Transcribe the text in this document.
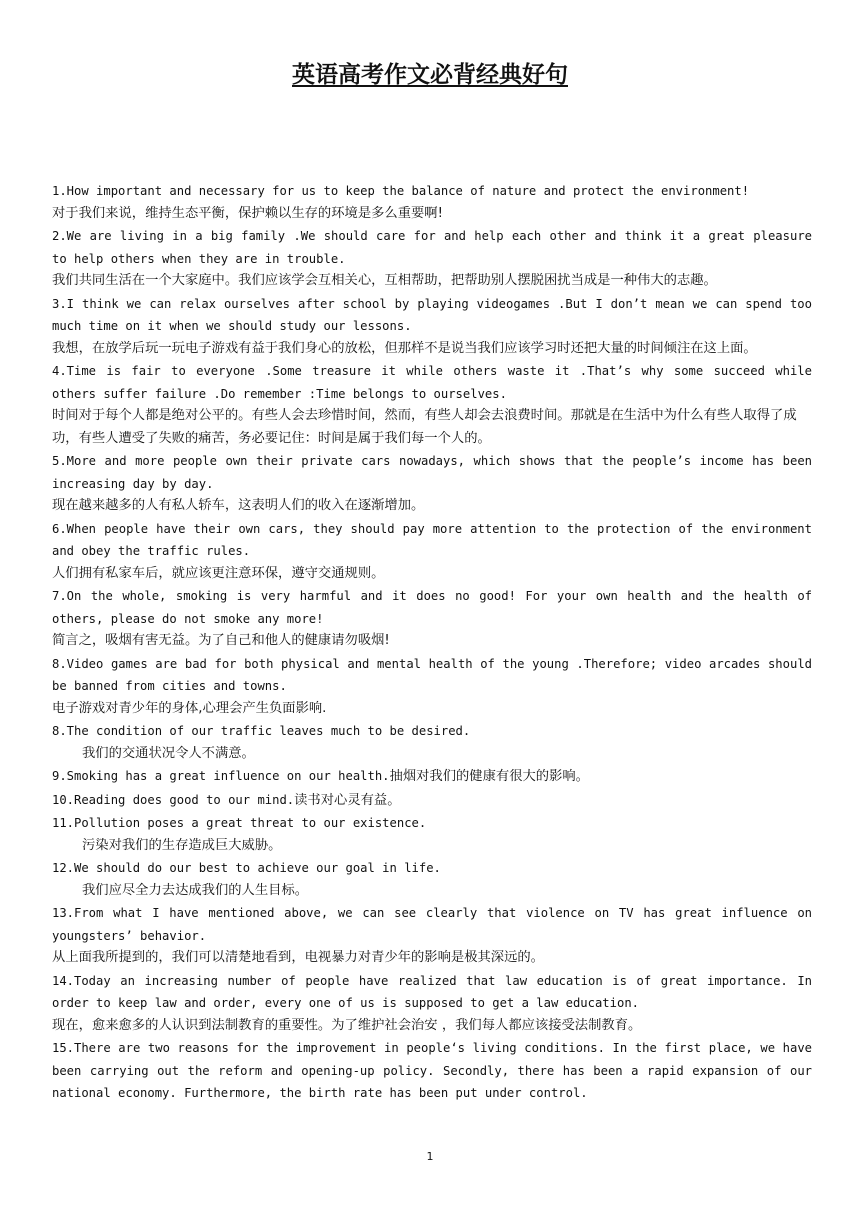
英语高考作文必背经典好句

1.How important and necessary for us to keep the balance of nature and protect the environment!

对于我们来说，维持生态平衡，保护赖以生存的环境是多么重要啊!

2.We are living in a big family .We should care for and help each other and think it a great pleasure to help others when they are in trouble.

我们共同生活在一个大家庭中。我们应该学会互相关心，互相帮助，把帮助别人摆脱困扰当成是一种伟大的志趣。

3.I think we can relax ourselves after school by playing videogames .But I don’t mean we can spend too much time on it when we should study our lessons.

我想，在放学后玩一玩电子游戏有益于我们身心的放松，但那样不是说当我们应该学习时还把大量的时间倾注在这上面。

4.Time is fair to everyone .Some treasure it while others waste it .That’s why some succeed while others suffer failure .Do remember :Time belongs to ourselves.

时间对于每个人都是绝对公平的。有些人会去珍惜时间，然而，有些人却会去浪费时间。那就是在生活中为什么有些人取得了成功，有些人遭受了失败的痛苦，务必要记住：时间是属于我们每一个人的。

5.More and more people own their private cars nowadays, which shows that the people’s income has been increasing day by day.

现在越来越多的人有私人轿车，这表明人们的收入在逐渐增加。

6.When people have their own cars, they should pay more attention to the protection of the environment and obey the traffic rules.

人们拥有私家车后，就应该更注意环保，遵守交通规则。

7.On the whole, smoking is very harmful and it does no good! For your own health and the health of others, please do not smoke any more!

简言之，吸烟有害无益。为了自己和他人的健康请勿吸烟!

8.Video games are bad for both physical and mental health of the young .Therefore; video arcades should be banned from cities and towns.

电子游戏对青少年的身体,心理会产生负面影响.

8.The condition of our traffic leaves much to be desired.

我们的交通状况令人不满意。

9.Smoking has a great influence on our health.抽烟对我们的健康有很大的影响。

10.Reading does good to our mind.读书对心灵有益。

11.Pollution poses a great threat to our existence.

污染对我们的生存造成巨大威胁。

12.We should do our best to achieve our goal in life.

我们应尽全力去达成我们的人生目标。

13.From what I have mentioned above, we can see clearly that violence on TV has great influence on youngsters’ behavior.

从上面我所提到的，我们可以清楚地看到，电视暴力对青少年的影响是极其深远的。

14.Today an increasing number of people have realized that law education is of great importance. In order to keep law and order, every one of us is supposed to get a law education.

现在，愈来愈多的人认识到法制教育的重要性。为了维护社会治安 ，我们每人都应该接受法制教育。

15.There are two reasons for the improvement in people‘s living conditions. In the first place, we have been carrying out the reform and opening-up policy. Secondly, there has been a rapid expansion of our national economy. Furthermore, the birth rate has been put under control.

1
